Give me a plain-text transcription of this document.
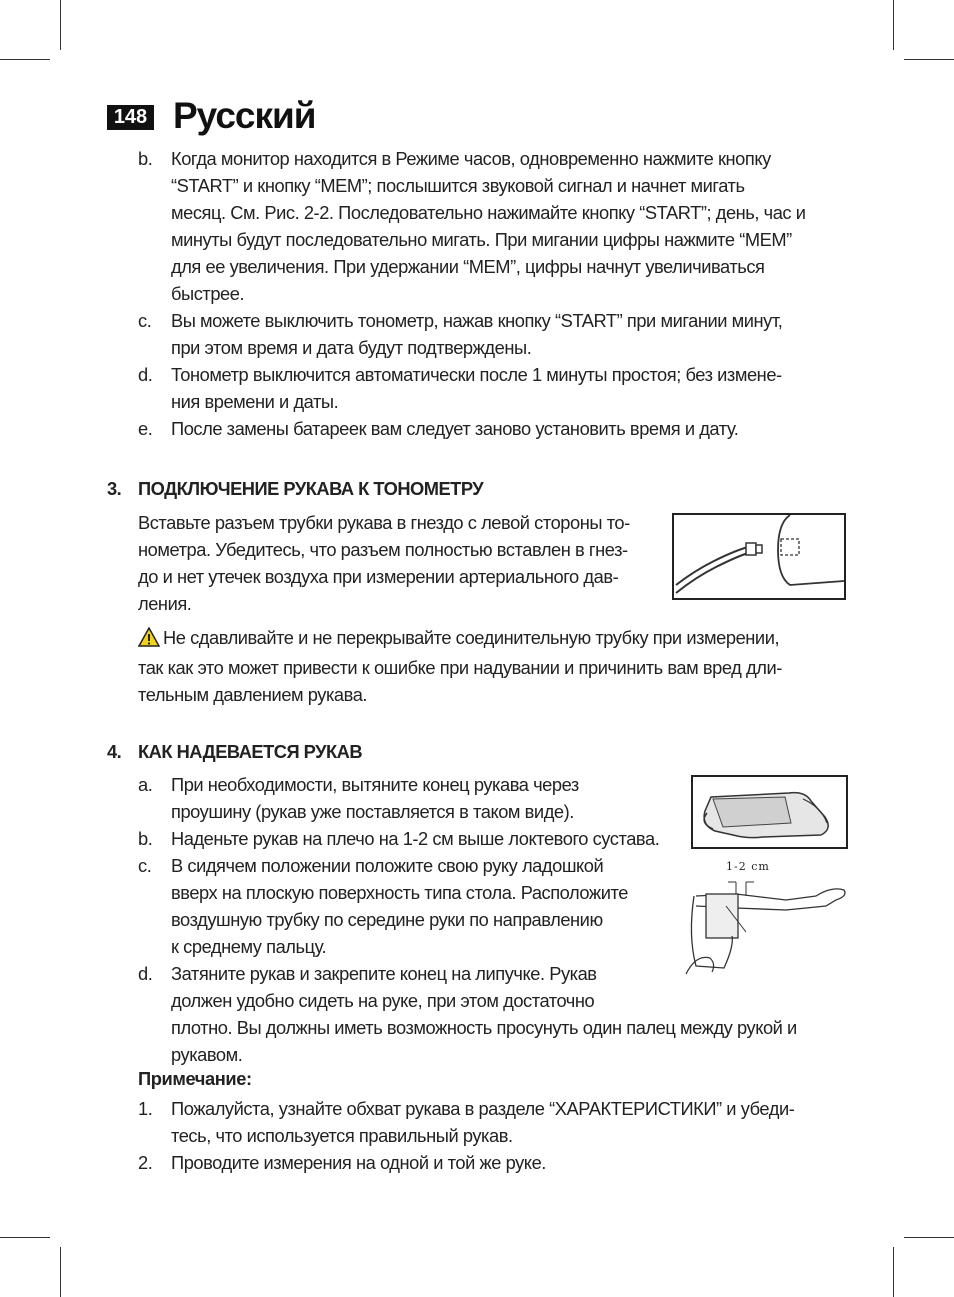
148 Русский
b.	Когда монитор находится в Режиме часов, одновременно нажмите кнопку
“START” и кнопку “MEM”; послышится звуковой сигнал и начнет мигать
месяц. См. Рис. 2-2. Последовательно нажимайте кнопку “START”; день, час и
минуты будут последовательно мигать. При мигании цифры нажмите “MEM”
для ее увеличения. При удержании “MEM”, цифры начнут увеличиваться
быстрее.
c.	Вы можете выключить тонометр, нажав кнопку “START” при мигании минут,
при этом время и дата будут подтверждены.
d.	Тонометр выключится автоматически после 1 минуты простоя; без измене-
ния времени и даты.
e.	После замены батареек вам следует заново установить время и дату.
3. ПОДКЛЮЧЕНИЕ РУКАВА К ТОНОМЕТРУ
Вставьте разъем трубки рукава в гнездо с левой стороны то-
нометра. Убедитесь, что разъем полностью вставлен в гнез-
до и нет утечек воздуха при измерении артериального дав-
ления.
Не сдавливайте и не перекрывайте соединительную трубку при измерении,
так как это может привести к ошибке при надувании и причинить вам вред дли-
тельным давлением рукава.
4. КАК НАДЕВАЕТСЯ РУКАВ
a.	При необходимости, вытяните конец рукава через
проушину (рукав уже поставляется в таком виде).
b.	Наденьте рукав на плечо на 1-2 см выше локтевого сустава.
c.	В сидячем положении положите свою руку ладошкой
вверх на плоскую поверхность типа стола. Расположите
воздушную трубку по середине руки по направлению
к среднему пальцу.
d.	Затяните рукав и закрепите конец на липучке. Рукав
должен удобно сидеть на руке, при этом достаточно
плотно. Вы должны иметь возможность просунуть один палец между рукой и
рукавом.
1-2 cm
Примечание:
1.	Пожалуйста, узнайте обхват рукава в разделе “ХАРАКТЕРИСТИКИ” и убеди-
тесь, что используется правильный рукав.
2.	Проводите измерения на одной и той же руке.
